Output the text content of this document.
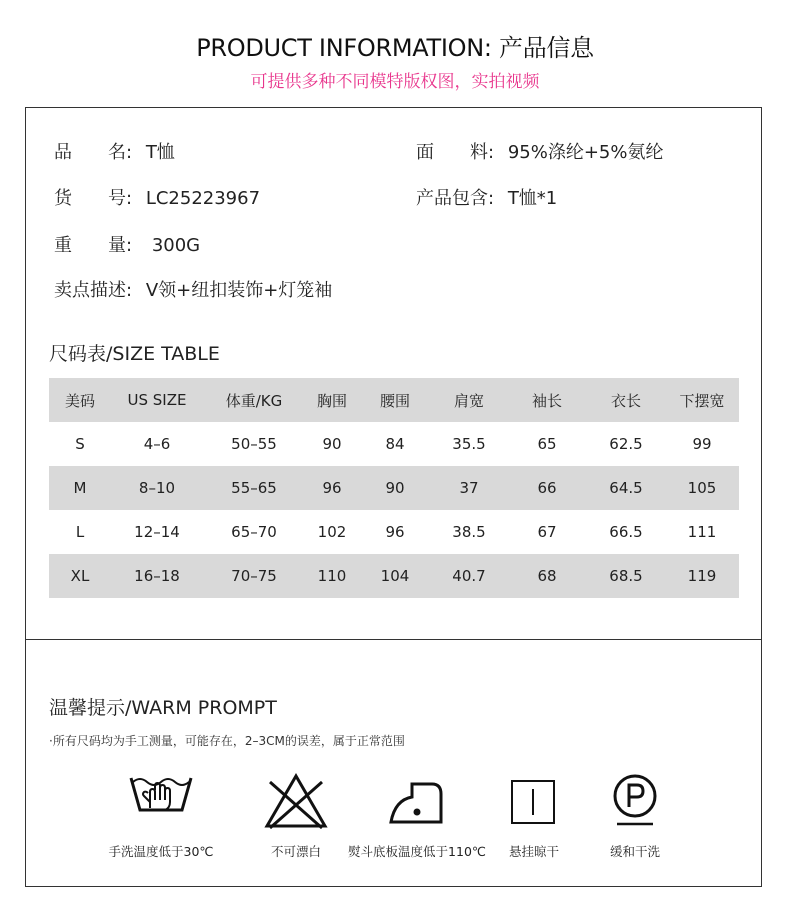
PRODUCT INFORMATION: 产品信息
可提供多种不同模特版权图，实拍视频
品　　名: T恤	面　　料: 95%涤纶+5%氨纶
货　　号: LC25223967	产品包含: T恤*1
重　　量: 300G
卖点描述: V领+纽扣装饰+灯笼袖
尺码表/SIZE TABLE
美码	US SIZE	体重/KG	胸围	腰围	肩宽	袖长	衣长	下摆宽
S	4–6	50–55	90	84	35.5	65	62.5	99
M	8–10	55–65	96	90	37	66	64.5	105
L	12–14	65–70	102	96	38.5	67	66.5	111
XL	16–18	70–75	110	104	40.7	68	68.5	119
温馨提示/WARM PROMPT
·所有尺码均为手工测量，可能存在，2–3CM的误差，属于正常范围
手洗温度低于30℃	不可漂白	熨斗底板温度低于110℃	悬挂晾干	缓和干洗
